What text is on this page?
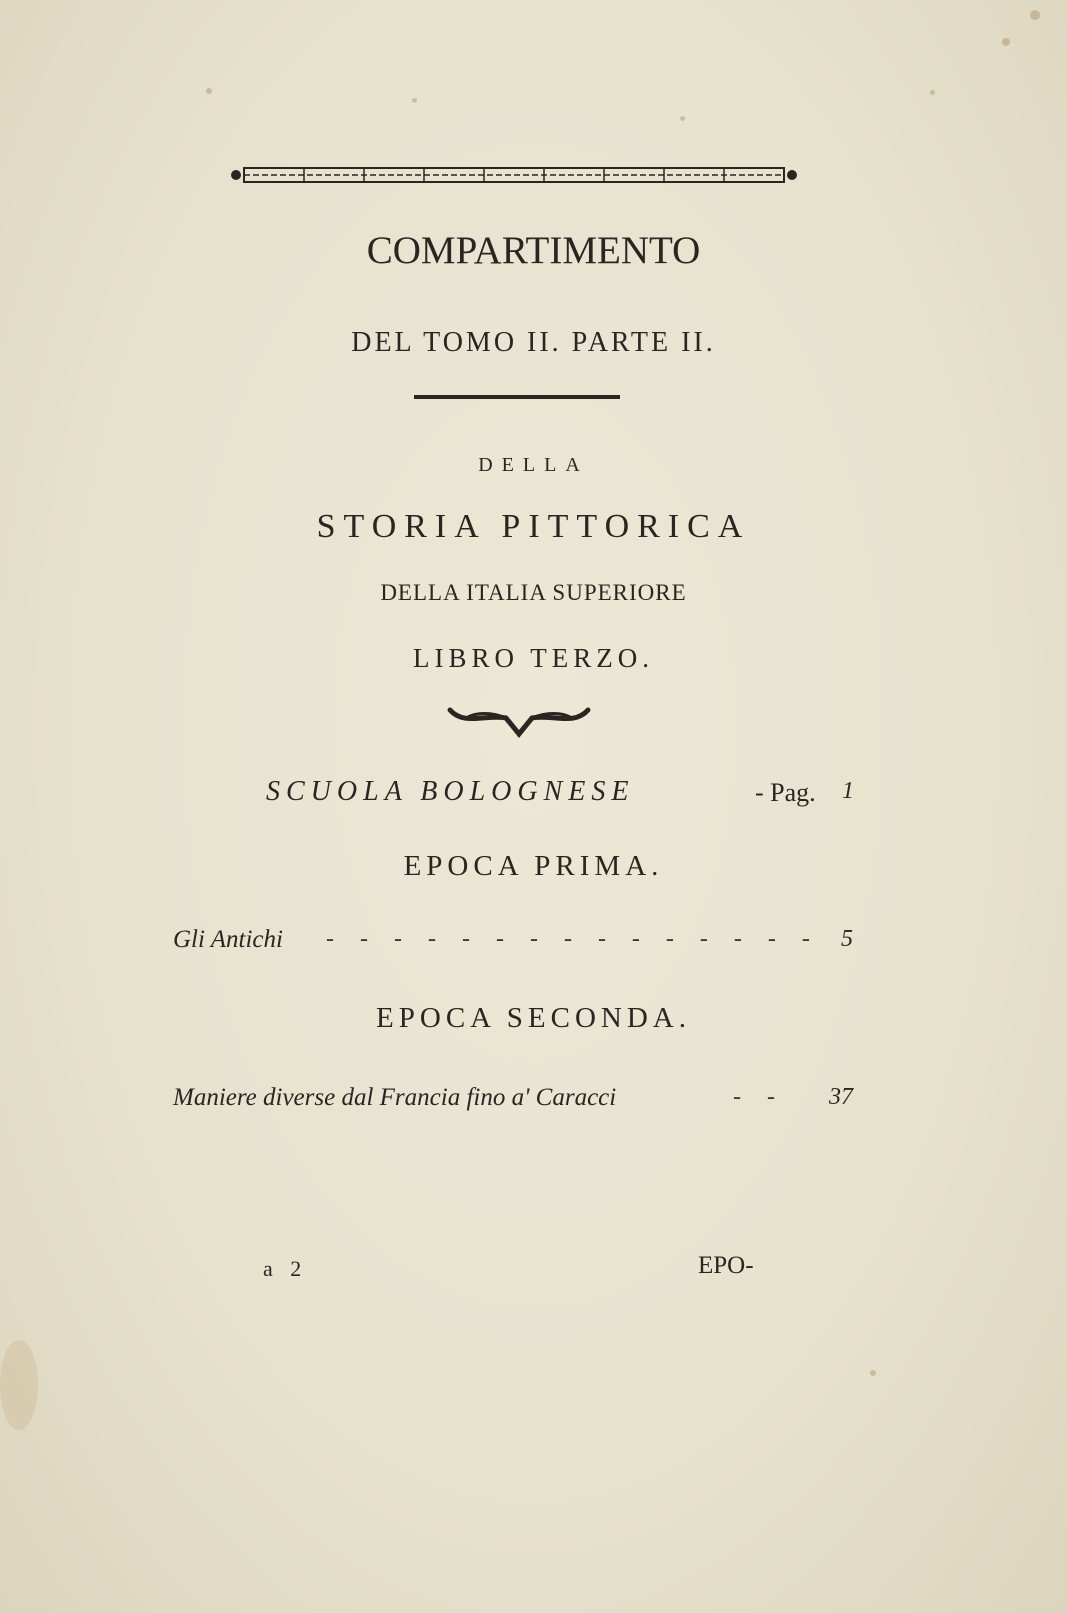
COMPARTIMENTO
DEL TOMO II. PARTE II.
DELLA
STORIA PITTORICA
DELLA ITALIA SUPERIORE
LIBRO TERZO.
SCUOLA BOLOGNESE	- Pag. 1
EPOCA PRIMA.
Gli Antichi - - - - - - - - - - - - - - - 5
EPOCA SECONDA.
Maniere diverse dal Francia fino a' Caracci	- - 37
a 2	EPO-
